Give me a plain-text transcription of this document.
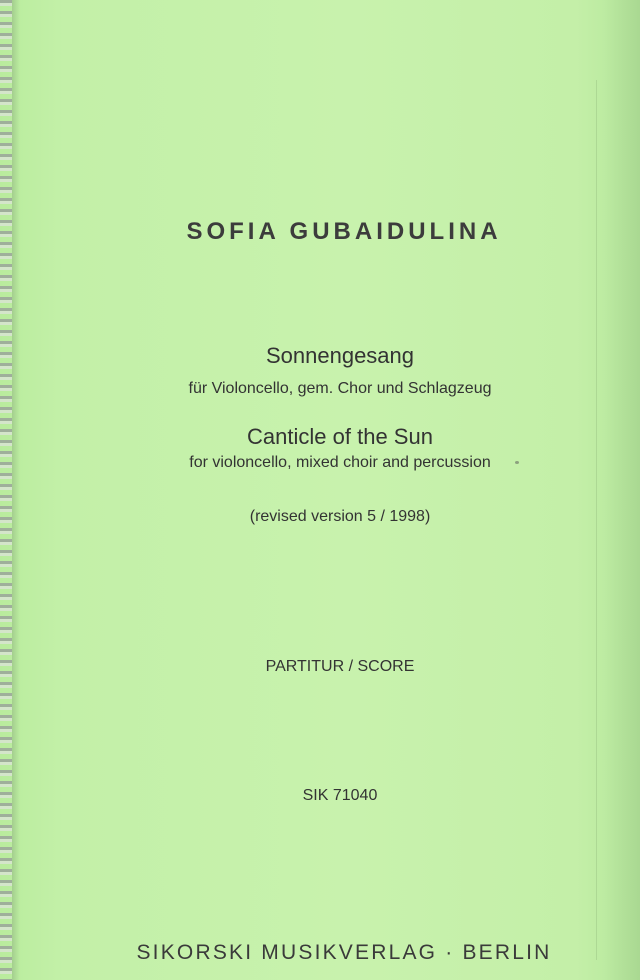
SOFIA GUBAIDULINA
Sonnengesang
für Violoncello, gem. Chor und Schlagzeug
Canticle of the Sun
for violoncello, mixed choir and percussion
(revised version 5 / 1998)
PARTITUR / SCORE
SIK 71040
SIKORSKI MUSIKVERLAG · BERLIN
